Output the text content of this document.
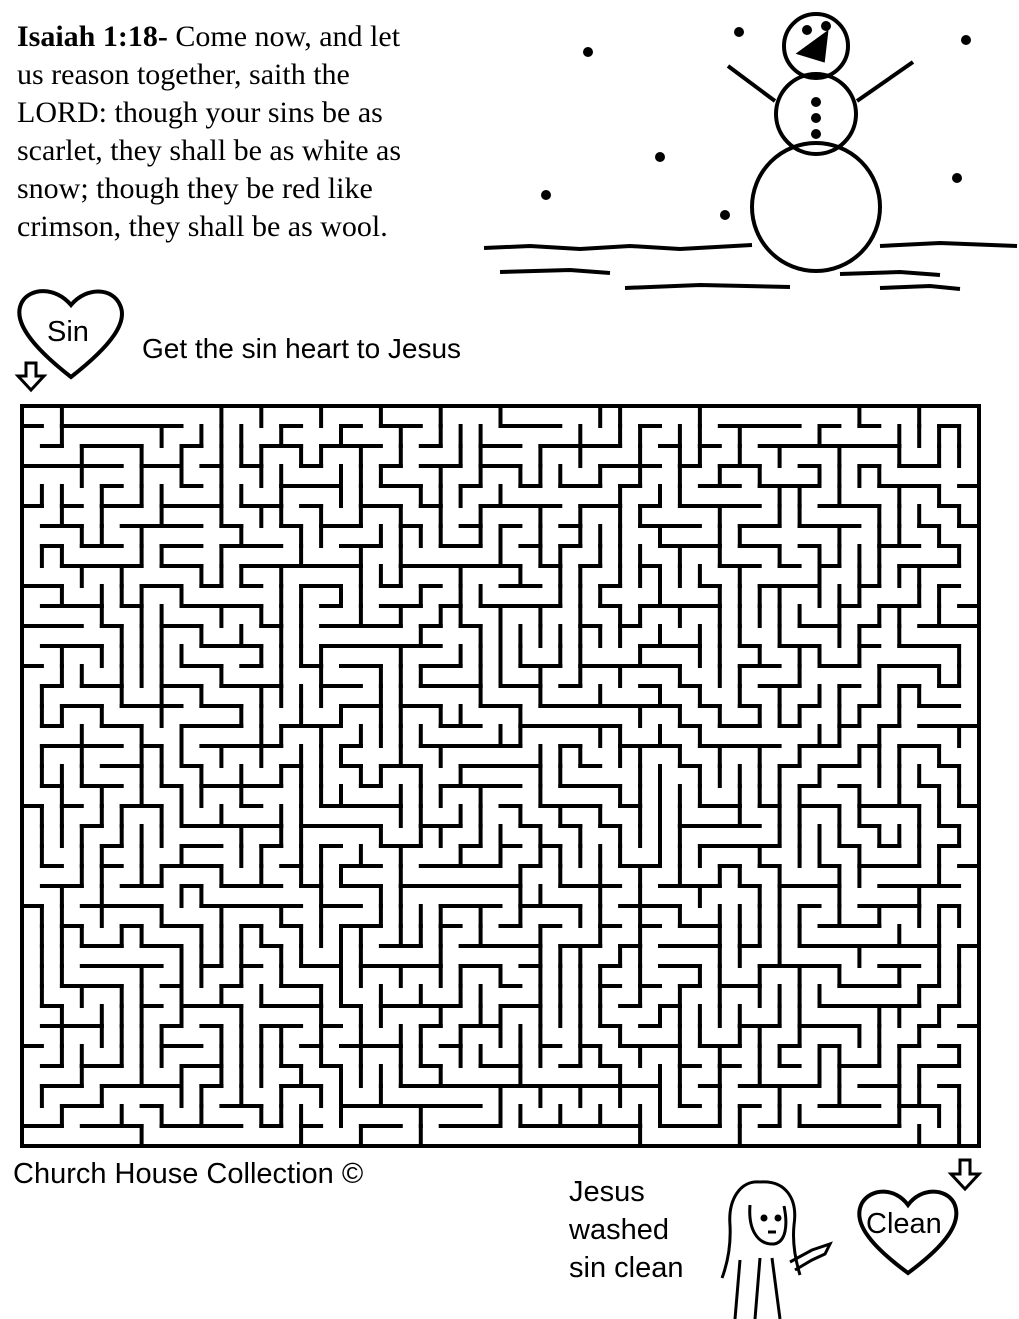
Isaiah 1:18- Come now, and let
us reason together, saith the
LORD: though your sins be as
scarlet, they shall be as white as
snow; though they be red like
crimson, they shall be as wool.
Sin
Get the sin heart to Jesus
Church House Collection ©
Jesus
washed
sin clean
Clean
